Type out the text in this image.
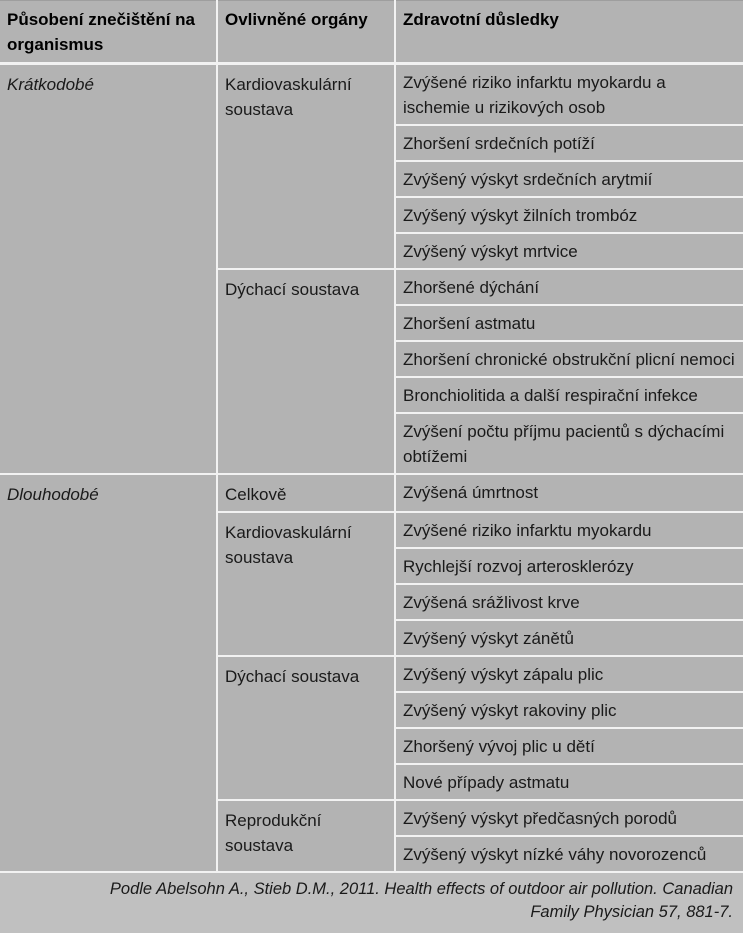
Působení znečištění na organismus	Ovlivněné orgány	Zdravotní důsledky
Krátkodobé	Kardiovaskulární soustava	Zvýšené riziko infarktu myokardu a ischemie u rizikových osob
		Zhoršení srdečních potíží
		Zvýšený výskyt srdečních arytmií
		Zvýšený výskyt žilních trombóz
		Zvýšený výskyt mrtvice
	Dýchací soustava	Zhoršené dýchání
		Zhoršení astmatu
		Zhoršení chronické obstrukční plicní nemoci
		Bronchiolitida a další respirační infekce
		Zvýšení počtu příjmu pacientů s dýchacími obtížemi
Dlouhodobé	Celkově	Zvýšená úmrtnost
	Kardiovaskulární soustava	Zvýšené riziko infarktu myokardu
		Rychlejší rozvoj arterosklerózy
		Zvýšená srážlivost krve
		Zvýšený výskyt zánětů
	Dýchací soustava	Zvýšený výskyt zápalu plic
		Zvýšený výskyt rakoviny plic
		Zhoršený vývoj plic u dětí
		Nové případy astmatu
	Reprodukční soustava	Zvýšený výskyt předčasných porodů
		Zvýšený výskyt nízké váhy novorozenců
Podle Abelsohn A., Stieb D.M., 2011. Health effects of outdoor air pollution. Canadian Family Physician 57, 881-7.
